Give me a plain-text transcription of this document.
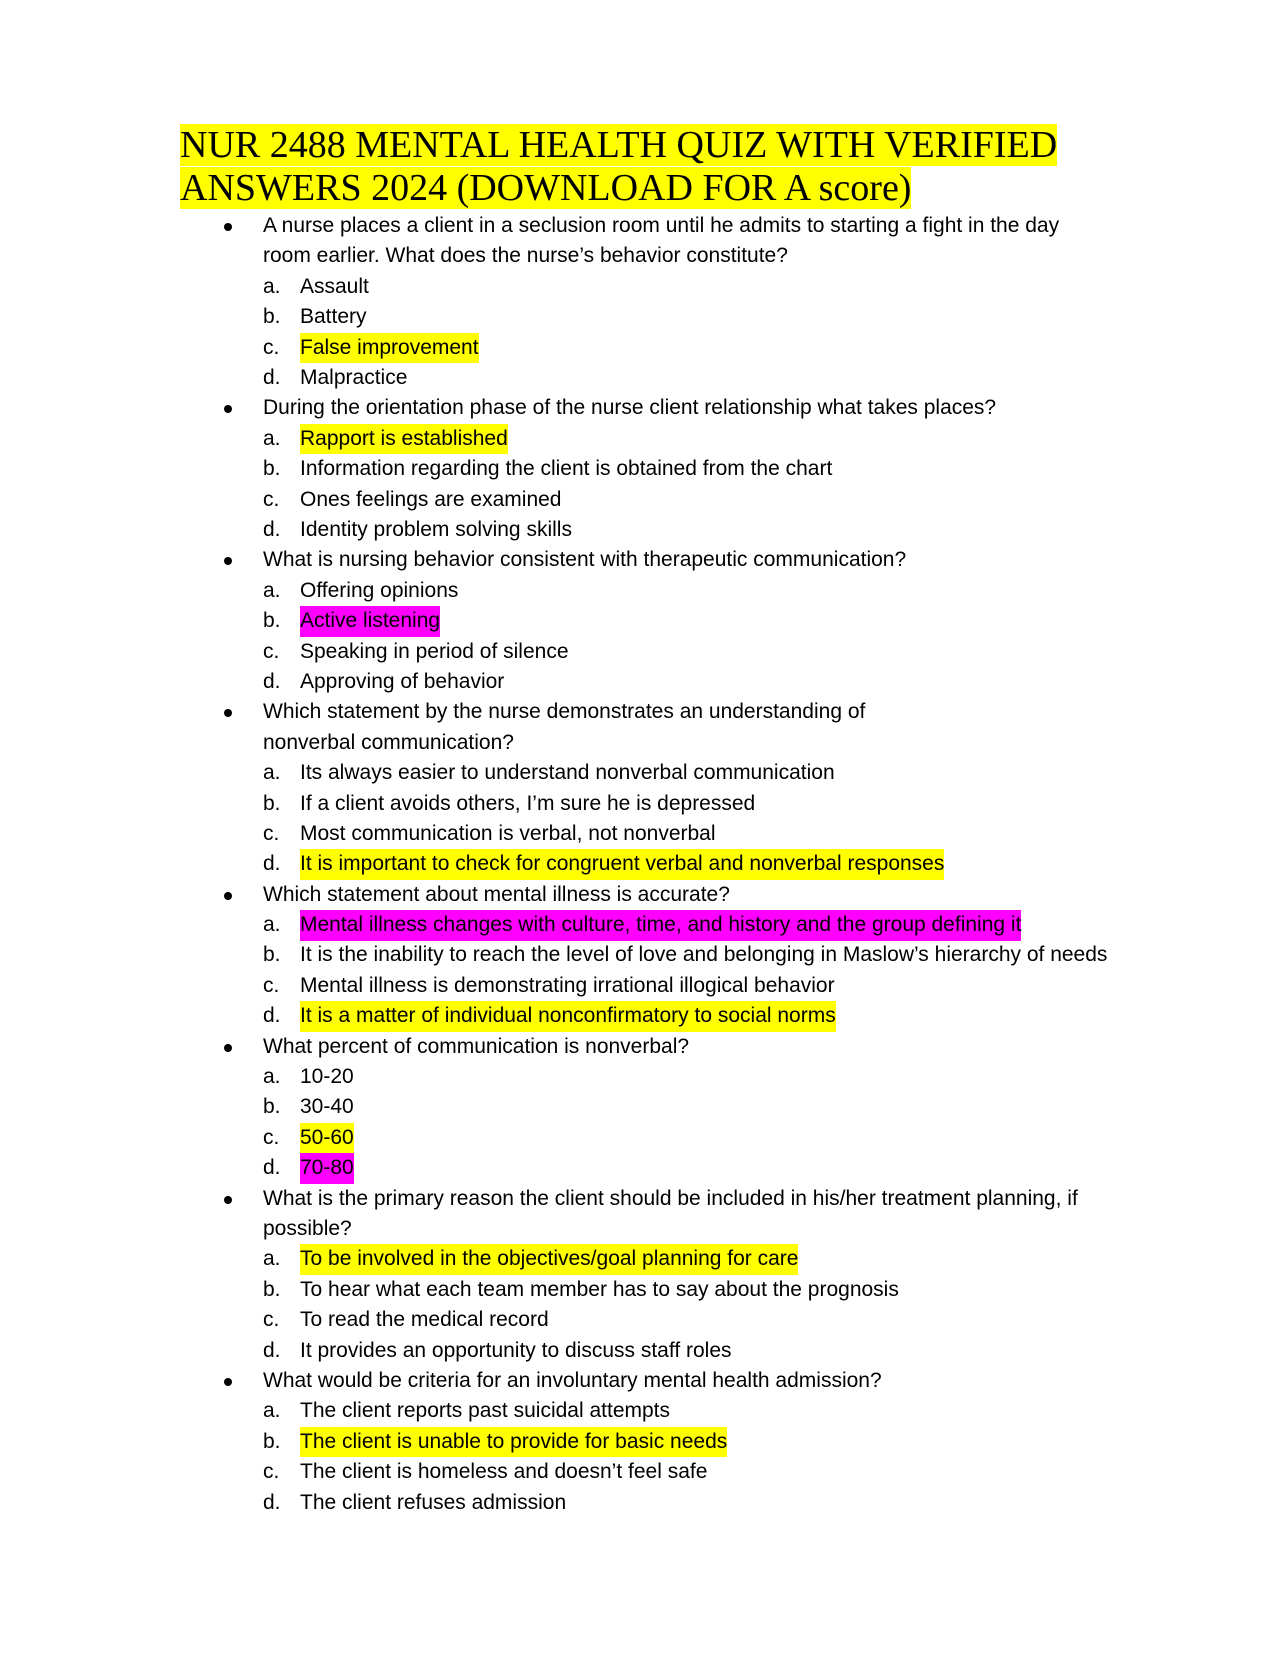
NUR 2488 MENTAL HEALTH QUIZ WITH VERIFIED ANSWERS 2024 (DOWNLOAD FOR A score)
A nurse places a client in a seclusion room until he admits to starting a fight in the day room earlier. What does the nurse’s behavior constitute?
a. Assault
b. Battery
c. False improvement
d. Malpractice
During the orientation phase of the nurse client relationship what takes places?
a. Rapport is established
b. Information regarding the client is obtained from the chart
c. Ones feelings are examined
d. Identity problem solving skills
What is nursing behavior consistent with therapeutic communication?
a. Offering opinions
b. Active listening
c. Speaking in period of silence
d. Approving of behavior
Which statement by the nurse demonstrates an understanding of nonverbal communication?
a. Its always easier to understand nonverbal communication
b. If a client avoids others, I’m sure he is depressed
c. Most communication is verbal, not nonverbal
d. It is important to check for congruent verbal and nonverbal responses
Which statement about mental illness is accurate?
a. Mental illness changes with culture, time, and history and the group defining it
b. It is the inability to reach the level of love and belonging in Maslow’s hierarchy of needs
c. Mental illness is demonstrating irrational illogical behavior
d. It is a matter of individual nonconfirmatory to social norms
What percent of communication is nonverbal?
a. 10-20
b. 30-40
c. 50-60
d. 70-80
What is the primary reason the client should be included in his/her treatment planning, if possible?
a. To be involved in the objectives/goal planning for care
b. To hear what each team member has to say about the prognosis
c. To read the medical record
d. It provides an opportunity to discuss staff roles
What would be criteria for an involuntary mental health admission?
a. The client reports past suicidal attempts
b. The client is unable to provide for basic needs
c. The client is homeless and doesn’t feel safe
d. The client refuses admission
